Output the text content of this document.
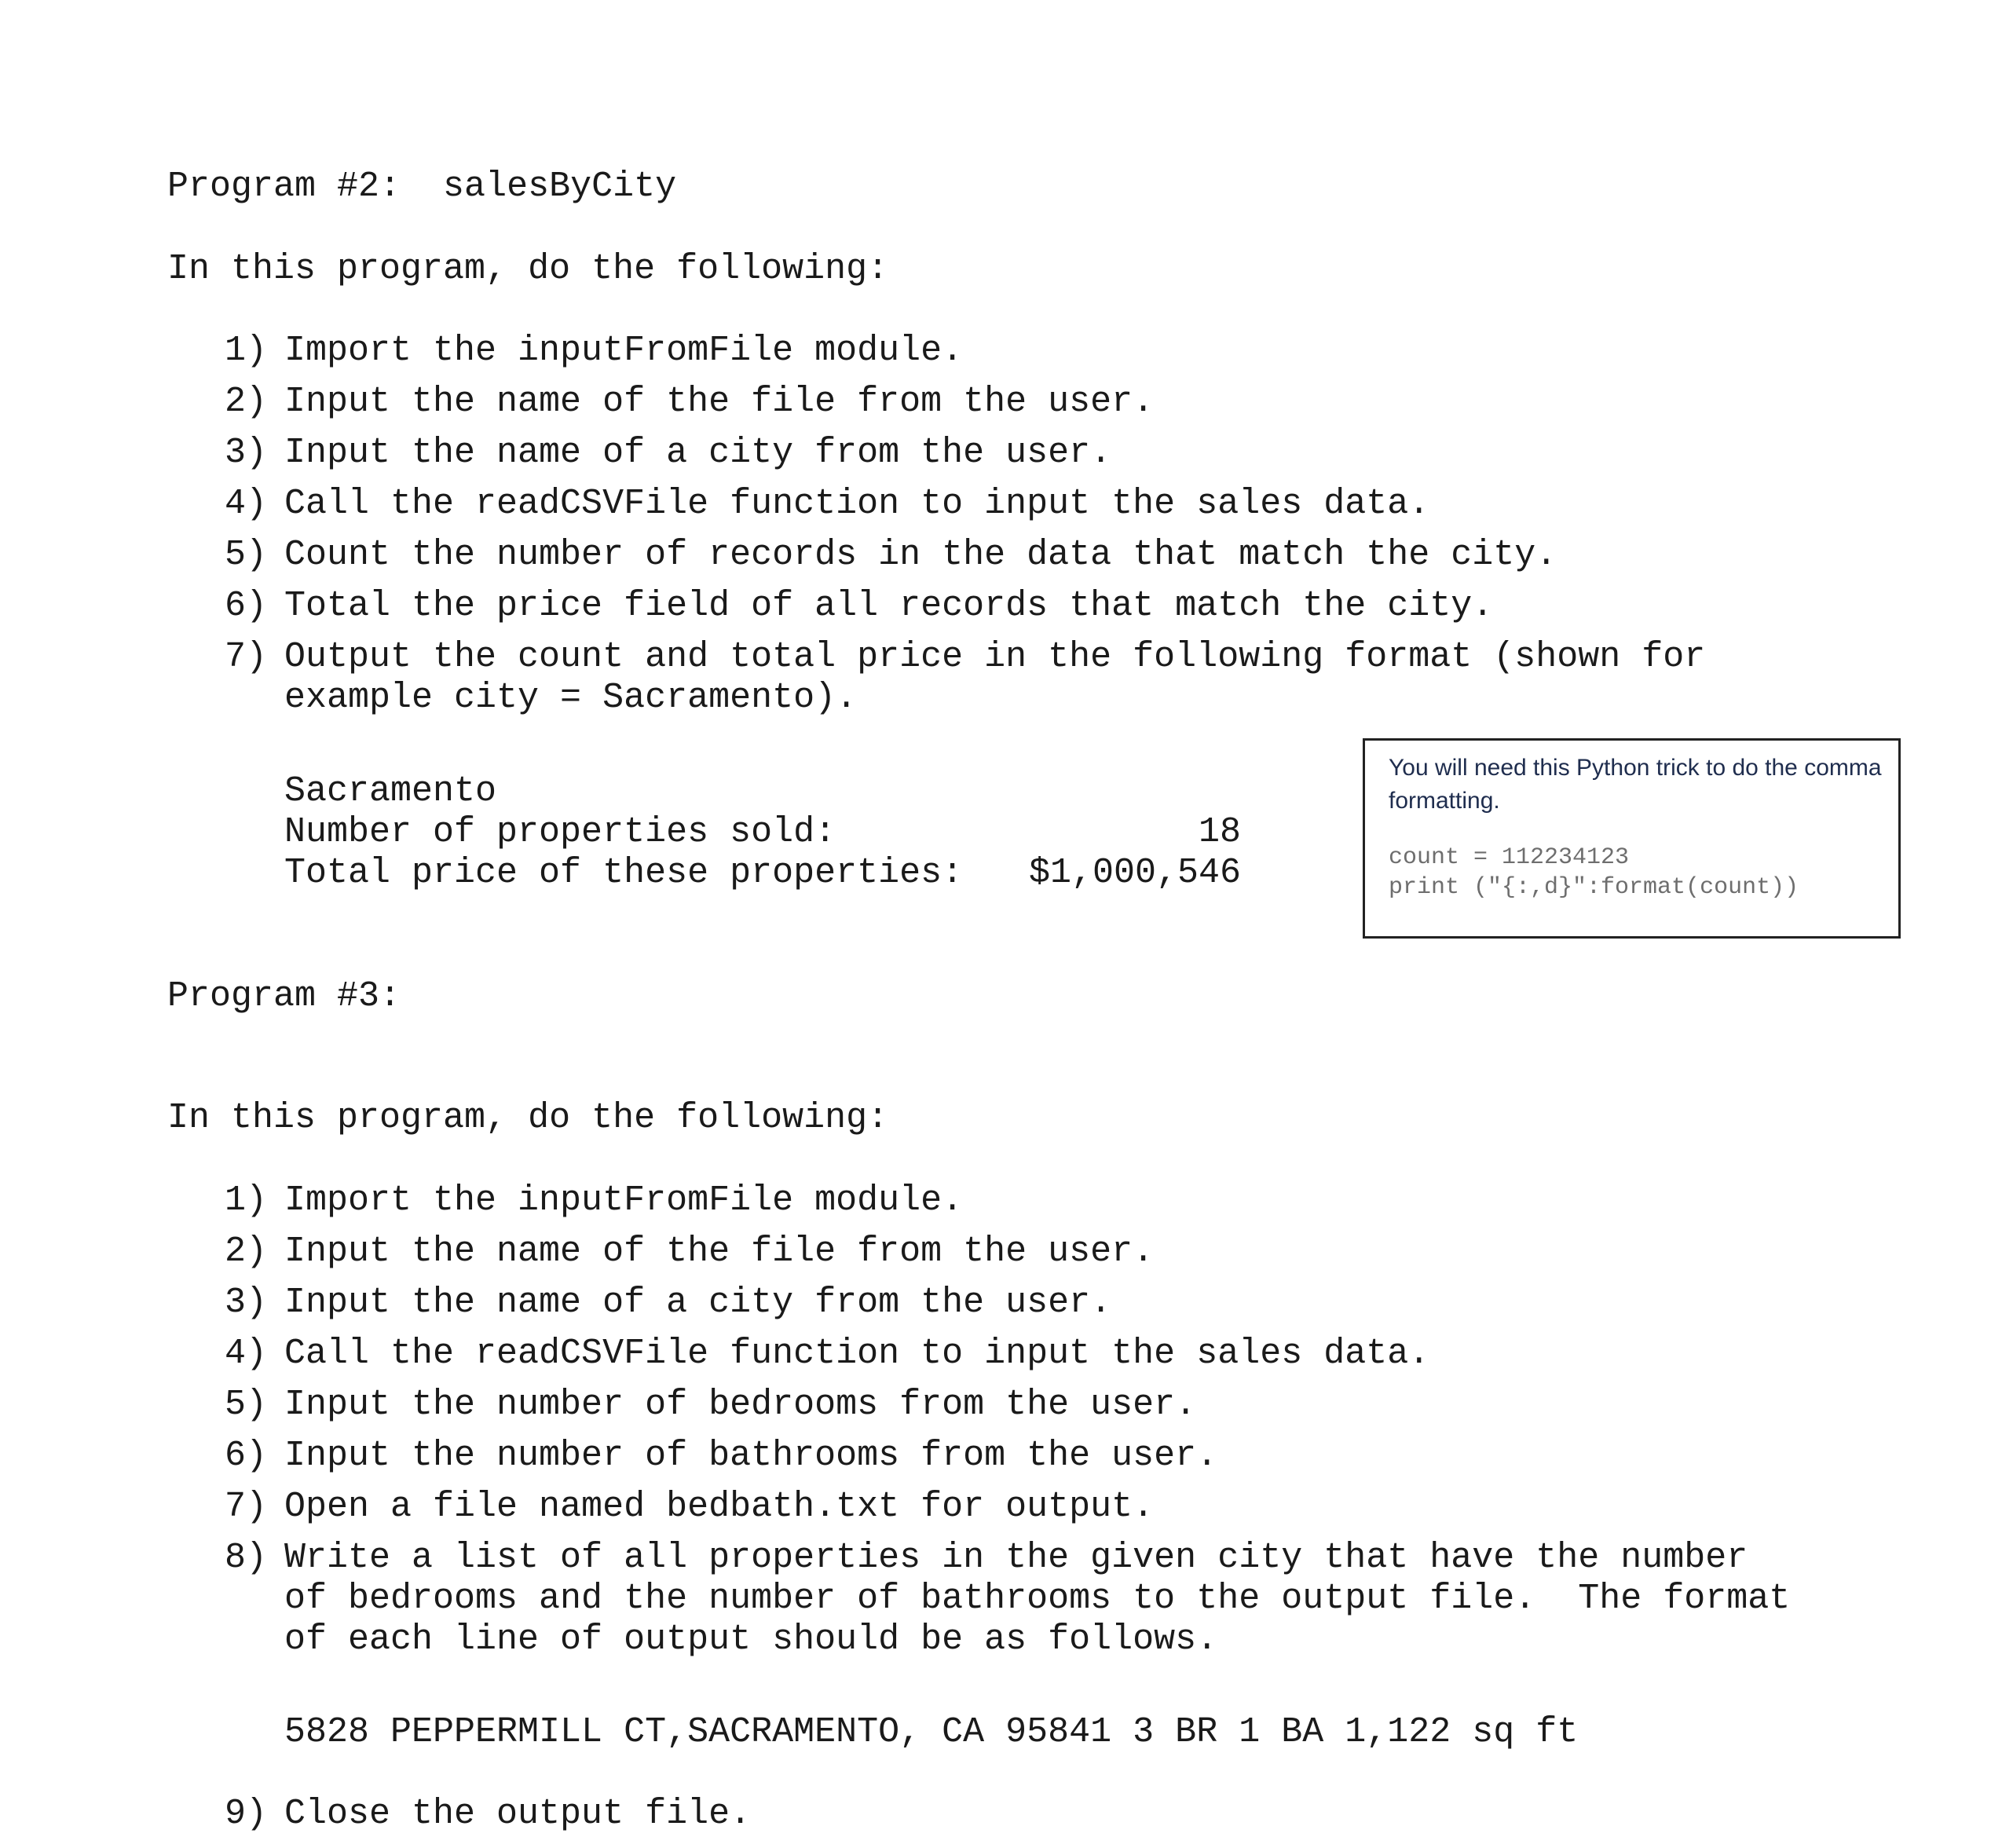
Program #2:  salesByCity
In this program, do the following:
1) Import the inputFromFile module.
2) Input the name of the file from the user.
3) Input the name of a city from the user.
4) Call the readCSVFile function to input the sales data.
5) Count the number of records in the data that match the city.
6) Total the price field of all records that match the city.
7) Output the count and total price in the following format (shown for
example city = Sacramento).
Sacramento
Number of properties sold:	18
Total price of these properties:	$1,000,546
You will need this Python trick to do the comma formatting.
count = 112234123
print ("{:,d}":format(count))
Program #3:
In this program, do the following:
1) Import the inputFromFile module.
2) Input the name of the file from the user.
3) Input the name of a city from the user.
4) Call the readCSVFile function to input the sales data.
5) Input the number of bedrooms from the user.
6) Input the number of bathrooms from the user.
7) Open a file named bedbath.txt for output.
8) Write a list of all properties in the given city that have the number
of bedrooms and the number of bathrooms to the output file.  The format
of each line of output should be as follows.
5828 PEPPERMILL CT,SACRAMENTO, CA 95841 3 BR 1 BA 1,122 sq ft
9) Close the output file.
